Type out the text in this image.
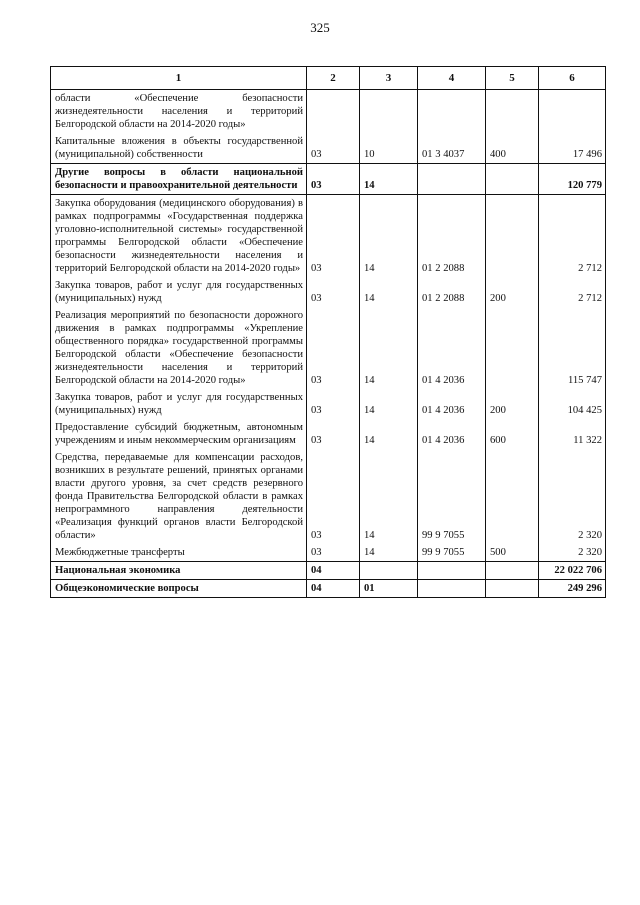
325
1	2	3	4	5	6
области «Обеспечение безопасности жизнедеятельности населения и территорий Белгородской области на 2014-2020 годы»					
Капитальные вложения в объекты государственной (муниципальной) собственности	03	10	01 3 4037	400	17 496
Другие вопросы в области национальной безопасности и правоохранительной деятельности	03	14			120 779
Закупка оборудования (медицинского оборудования) в рамках подпрограммы «Государственная поддержка уголовно-исполнительной системы» государственной программы Белгородской области «Обеспечение безопасности жизнедеятельности населения и территорий Белгородской области на 2014-2020 годы»	03	14	01 2 2088		2 712
Закупка товаров, работ и услуг для государственных (муниципальных) нужд	03	14	01 2 2088	200	2 712
Реализация мероприятий по безопасности дорожного движения в рамках подпрограммы «Укрепление общественного порядка» государственной программы Белгородской области «Обеспечение безопасности жизнедеятельности населения и территорий Белгородской области на 2014-2020 годы»	03	14	01 4 2036		115 747
Закупка товаров, работ и услуг для государственных (муниципальных) нужд	03	14	01 4 2036	200	104 425
Предоставление субсидий бюджетным, автономным учреждениям и иным некоммерческим организациям	03	14	01 4 2036	600	11 322
Средства, передаваемые для компенсации расходов, возникших в результате решений, принятых органами власти другого уровня, за счет средств резервного фонда Правительства Белгородской области в рамках непрограммного направления деятельности «Реализация функций органов власти Белгородской области»	03	14	99 9 7055		2 320
Межбюджетные трансферты	03	14	99 9 7055	500	2 320
Национальная экономика	04				22 022 706
Общеэкономические вопросы	04	01			249 296
